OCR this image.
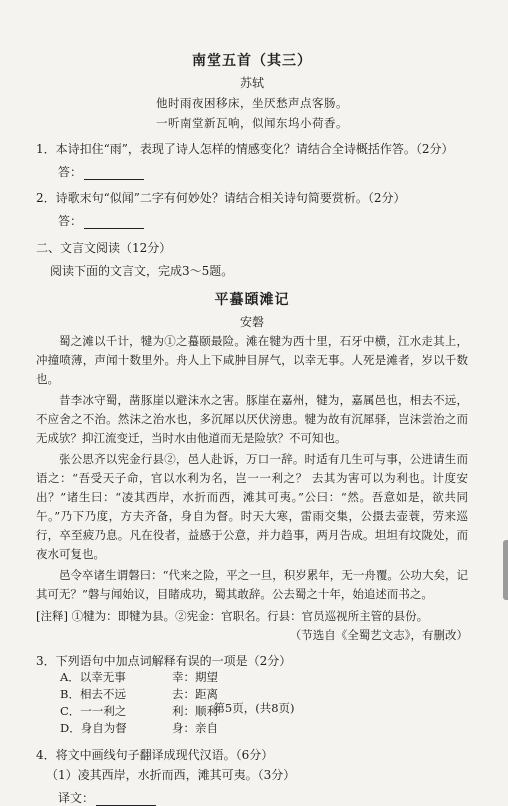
南堂五首（其三）
苏轼
他时雨夜困移床，坐厌愁声点客肠。
一听南堂新瓦响，似闻东坞小荷香。
1．本诗扣住“雨”，表现了诗人怎样的情感变化？请结合全诗概括作答。（2分）
答：
2．诗歌末句“似闻”二字有何妙处？请结合相关诗句简要赏析。（2分）
答：
二、文言文阅读（12分）
阅读下面的文言文，完成3～5题。
平蟇頣滩记
安磐
蜀之滩以千计，犍为①之蟇颐最险。滩在犍为西十里，石牙中横，江水走其上，冲撞喷薄，声闻十数里外。舟人上下咸肿目屏气，以幸无事。人死是滩者，岁以千数也。
昔李冰守蜀，凿豚崖以避沫水之害。豚崖在嘉州，犍为，嘉属邑也，相去不远，不应舍之不治。然沫之治水也，多沉犀以厌伏滂患。犍为故有沉犀驿，岂沫尝治之而无成欤？抑江流变迁，当时水由他道而无是险欤？不可知也。
张公思齐以宪金行县②，邑人赴诉，万口一辞。时适有几生可与事，公进请生而语之：“吾受天子命，官以水利为名，岂一一利之？ 去其为害可以为利也。计度安出？”诸生曰：“凌其西岸，水折而西，滩其可夷。”公曰：“然。吾意如是，欲共同午。”乃下乃度，方夫齐备，身自为督。时天大寒，雷雨交集，公摄去壶蓑，劳来巡行，卒至疲乃息。凡在役者，益感于公意，并力趋事，两月告成。坦坦有坟陇处，而夜水可复也。
邑令卒诸生谓磐曰：“代来之险，平之一旦，积岁累年，无一舟覆。公功大矣，记其可无？”磐与闻始议，目睹成功，蜀其敢辞。公去蜀之十年，始追述而书之。
[注释] ①犍为：即犍为县。②宪金：官职名。行县：官员巡视所主管的县份。
（节选自《全蜀艺文志》，有删改）
3．下列语句中加点词解释有误的一项是（2分）
A．以幸无事	幸：期望
B．相去不远	去：距离
C．一一利之	利：顺利
D．身自为督	身：亲自
4．将文中画线句子翻译成现代汉语。（6分）
（1）凌其西岸，水折而西，滩其可夷。（3分）
译文：
第5页，(共8页)
